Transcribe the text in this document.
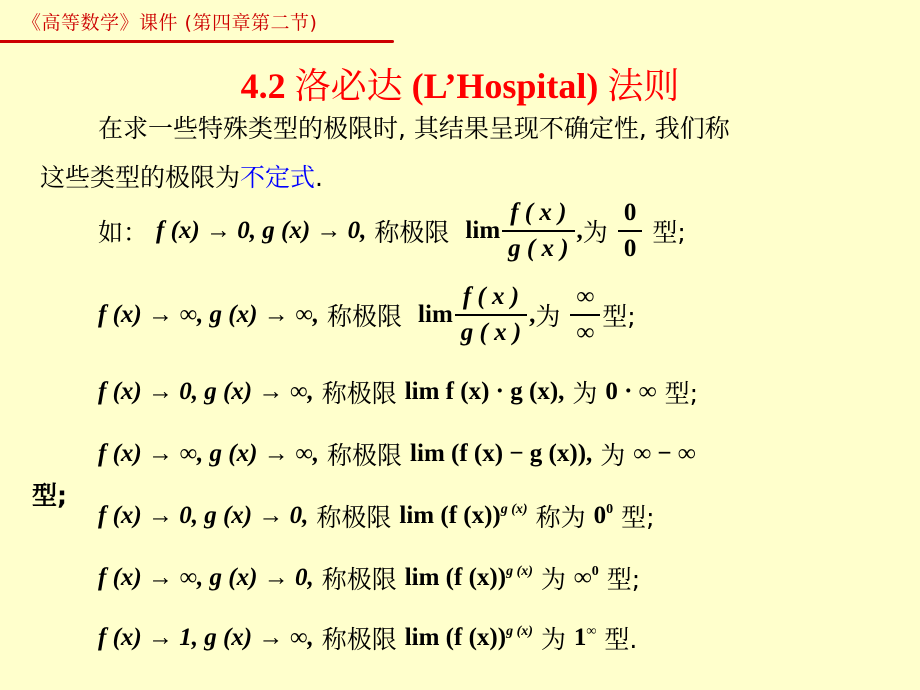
《高等数学》课件 (第四章第二节)
4.2 洛必达 (L’Hospital) 法则
在求一些特殊类型的极限时, 其结果呈现不确定性, 我们称
这些类型的极限为不定式.
如： f (x) → 0, g (x) → 0, 称极限 $\lim \frac{f ( x )}{g ( x )}$ , 为 $\frac{0}{0}$ 型;
f (x) → ∞, g (x) → ∞, 称极限 $\lim \frac{f ( x )}{g ( x )}$ , 为 $\frac{\infty}{\infty}$ 型;
f (x) → 0, g (x) → ∞, 称极限 lim f (x) · g (x), 为 0 · ∞ 型;
f (x) → ∞, g (x) → ∞, 称极限 lim (f (x) − g (x)), 为 ∞ − ∞
型;
f (x) → 0, g (x) → 0, 称极限 lim (f (x))$^{g (x)}$ 称为 $0^0$ 型;
f (x) → ∞, g (x) → 0, 称极限 lim (f (x))$^{g (x)}$ 为 ∞$^0$ 型;
f (x) → 1, g (x) → ∞, 称极限 lim (f (x))$^{g (x)}$ 为 1∞ 型.
